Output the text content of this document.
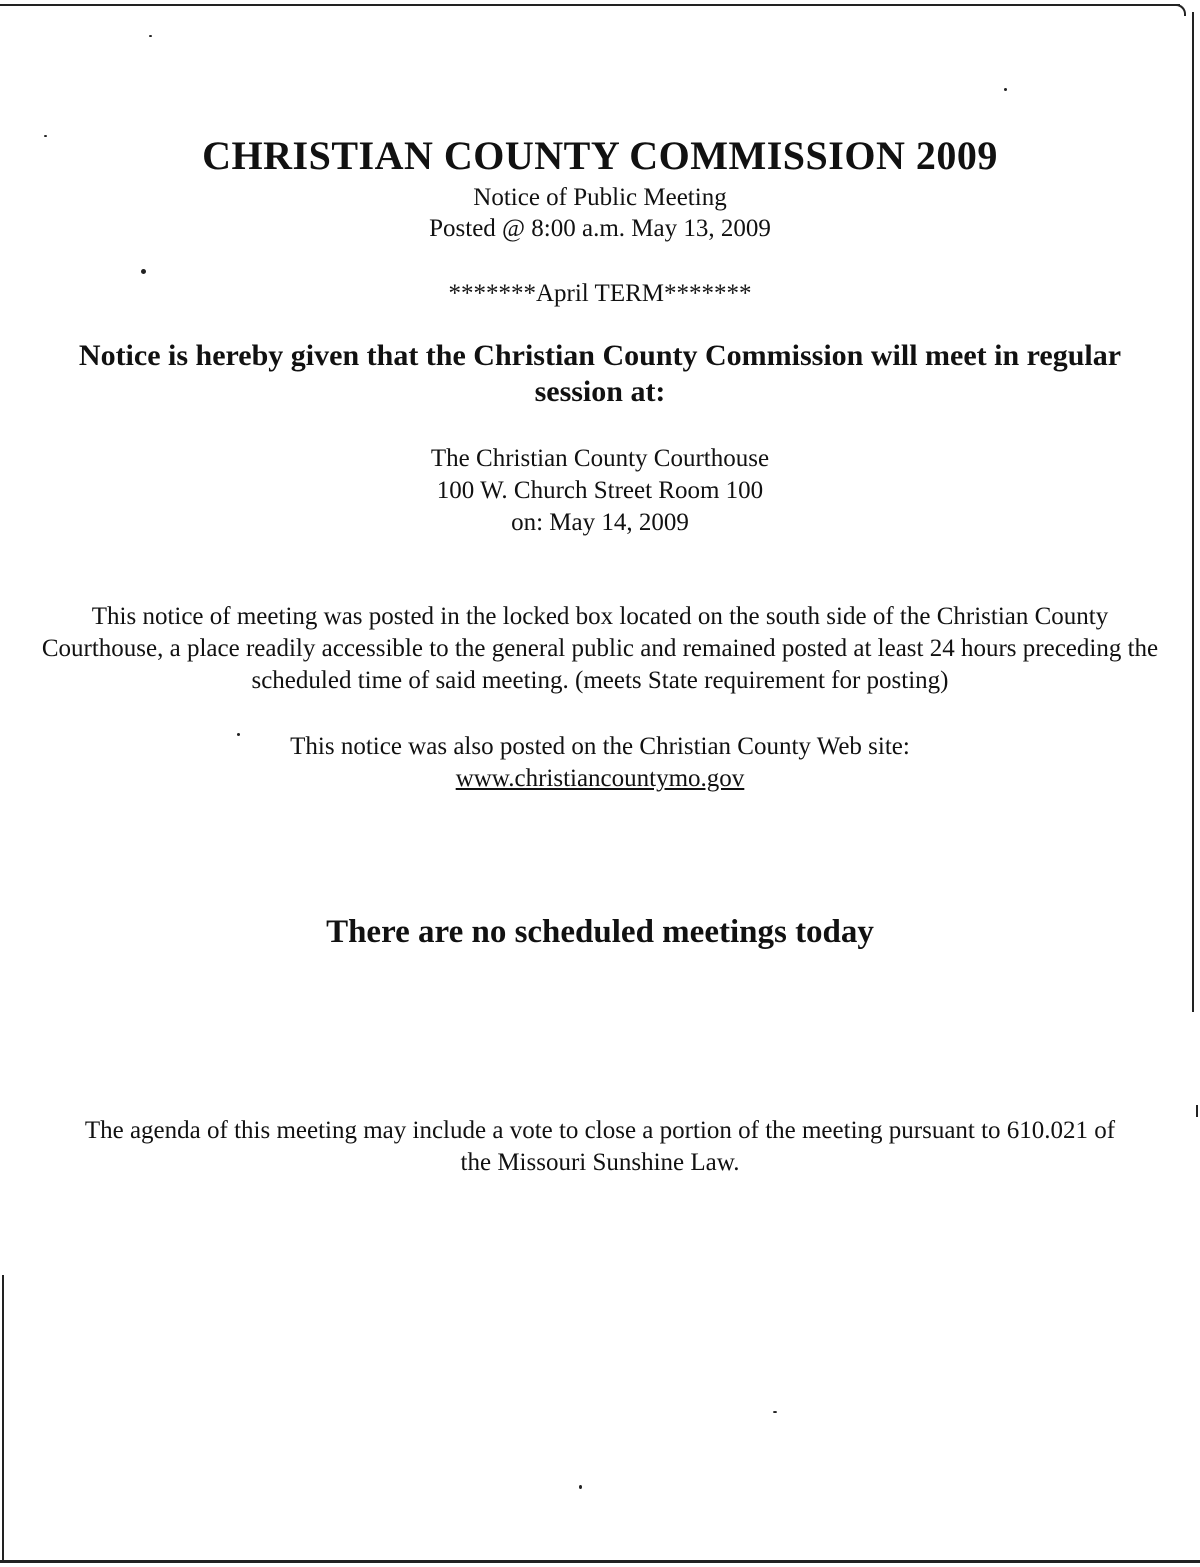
CHRISTIAN COUNTY COMMISSION 2009
Notice of Public Meeting
Posted @ 8:00 a.m. May 13, 2009
*******April TERM*******
Notice is hereby given that the Christian County Commission will meet in regular session at:
The Christian County Courthouse
100 W. Church Street Room 100
on: May 14, 2009
This notice of meeting was posted in the locked box located on the south side of the Christian County Courthouse, a place readily accessible to the general public and remained posted at least 24 hours preceding the scheduled time of said meeting. (meets State requirement for posting)
This notice was also posted on the Christian County Web site:
www.christiancountymo.gov
There are no scheduled meetings today
The agenda of this meeting may include a vote to close a portion of the meeting pursuant to 610.021 of the Missouri Sunshine Law.
